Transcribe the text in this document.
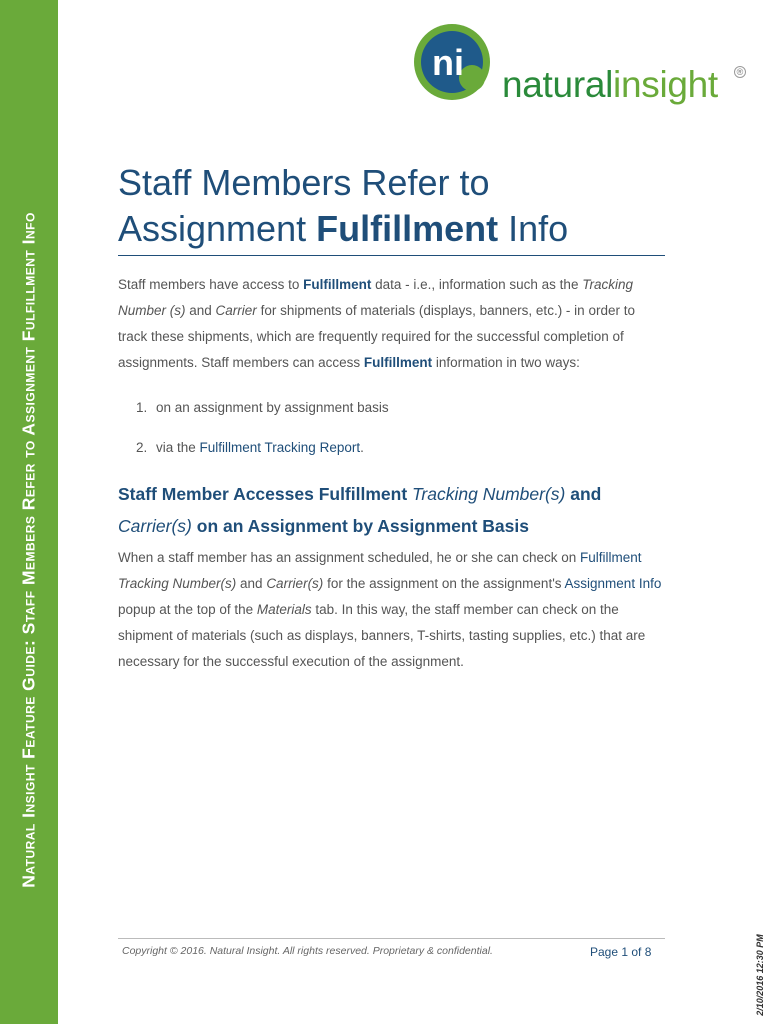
Natural Insight Feature Guide: Staff Members Refer to Assignment Fulfillment Info
ni
naturalinsight ®
Staff Members Refer to
Assignment Fulfillment Info

Staff members have access to Fulfillment data - i.e., information such as the Tracking Number (s) and Carrier for shipments of materials (displays, banners, etc.) - in order to track these shipments, which are frequently required for the successful completion of assignments. Staff members can access Fulfillment information in two ways:

1. on an assignment by assignment basis
2. via the Fulfillment Tracking Report.
Staff Member Accesses Fulfillment Tracking Number(s) and Carrier(s) on an Assignment by Assignment Basis

When a staff member has an assignment scheduled, he or she can check on Fulfillment Tracking Number(s) and Carrier(s) for the assignment on the assignment's Assignment Info popup at the top of the Materials tab. In this way, the staff member can check on the shipment of materials (such as displays, banners, T-shirts, tasting supplies, etc.) that are necessary for the successful execution of the assignment.

Copyright © 2016. Natural Insight. All rights reserved. Proprietary & confidential.	Page 1 of 8	2/10/2016 12:30 PM
